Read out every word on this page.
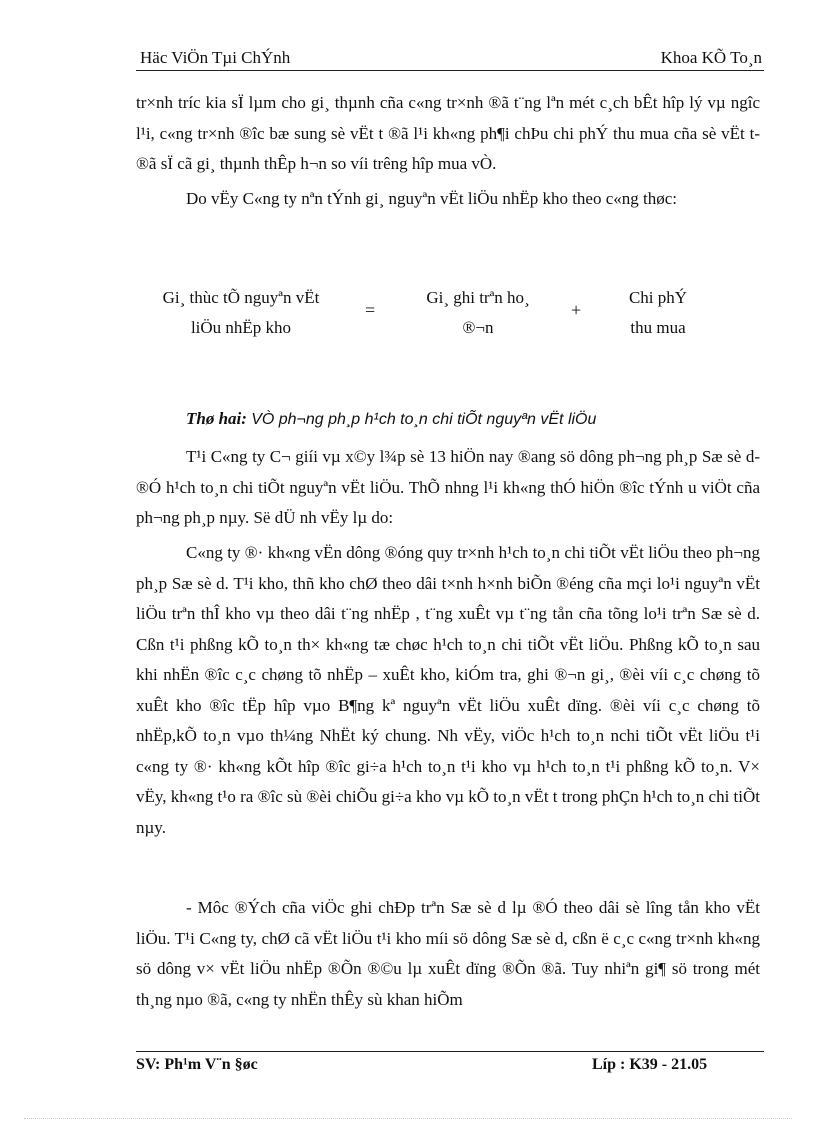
Häc ViÖn Tµi ChÝnh	Khoa KÕ To¸n
tr×nh tríc kia sÏ lµm cho gi¸ thµnh cña c«ng tr×nh ®ã t¨ng lªn mét c¸ch bÊt hîp lý vµ ngîc l¹i, c«ng tr×nh ®îc bæ sung sè vËt t ®ã l¹i kh«ng ph¶i chÞu chi phÝ thu mua cña sè vËt t ®ã sÏ cã gi¸ thµnh thÊp h¬n so víi trêng hîp mua vÒ.
Do vËy C«ng ty nªn tÝnh gi¸ nguyªn vËt liÖu nhËp kho theo c«ng thøc:
Gi¸ thùc tÕ nguyªn vËt
liÖu nhËp kho
=
Gi¸ ghi trªn ho¸
®¬n
+
Chi phÝ
thu mua
Thø hai: VÒ ph¬ng ph¸p h¹ch to¸n chi tiÕt nguyªn vËt liÖu
T¹i C«ng ty C¬ giíi vµ x©y l¾p sè 13 hiÖn nay ®ang sö dông ph¬ng ph¸p Sæ sè d ®Ó h¹ch to¸n chi tiÕt nguyªn vËt liÖu. ThÕ nhng l¹i kh«ng thÓ hiÖn ®îc tÝnh u viÖt cña ph¬ng ph¸p nµy. Së dÜ nh vËy lµ do:
C«ng ty ®· kh«ng vËn dông ®óng quy tr×nh h¹ch to¸n chi tiÕt vËt liÖu theo ph¬ng ph¸p Sæ sè d. T¹i kho, thñ kho chØ theo dâi t×nh h×nh biÕn ®éng cña mçi lo¹i nguyªn vËt liÖu trªn thÎ kho vµ theo dâi t¨ng nhËp , t¨ng xuÊt vµ t¨ng tån cña tõng lo¹i trªn Sæ sè d. Cßn t¹i phßng kÕ to¸n th× kh«ng tæ chøc h¹ch to¸n chi tiÕt vËt liÖu. Phßng kÕ to¸n sau khi nhËn ®îc c¸c chøng tõ nhËp – xuÊt kho, kiÓm tra, ghi ®¬n gi¸, ®èi víi c¸c chøng tõ xuÊt kho ®îc tËp hîp vµo B¶ng kª nguyªn vËt liÖu xuÊt dïng. ®èi víi c¸c chøng tõ nhËp,kÕ to¸n vµo th¼ng NhËt ký chung. Nh vËy, viÖc h¹ch to¸n nchi tiÕt vËt liÖu t¹i c«ng ty ®· kh«ng kÕt hîp ®îc gi÷a h¹ch to¸n t¹i kho vµ h¹ch to¸n t¹i phßng kÕ to¸n. V× vËy, kh«ng t¹o ra ®îc sù ®èi chiÕu gi÷a kho vµ kÕ to¸n vËt t trong phÇn h¹ch to¸n chi tiÕt nµy.
- Môc ®Ých cña viÖc ghi chÐp trªn Sæ sè d lµ ®Ó theo dâi sè lîng tån kho vËt liÖu. T¹i C«ng ty, chØ cã vËt liÖu t¹i kho míi sö dông Sæ sè d, cßn ë c¸c c«ng tr×nh kh«ng sö dông v× vËt liÖu nhËp ®Õn ®©u lµ xuÊt dïng ®Õn ®ã. Tuy nhiªn gi¶ sö trong mét th¸ng nµo ®ã, c«ng ty nhËn thÊy sù khan hiÕm
SV: Ph¹m V¨n §øc	Líp : K39 - 21.05
